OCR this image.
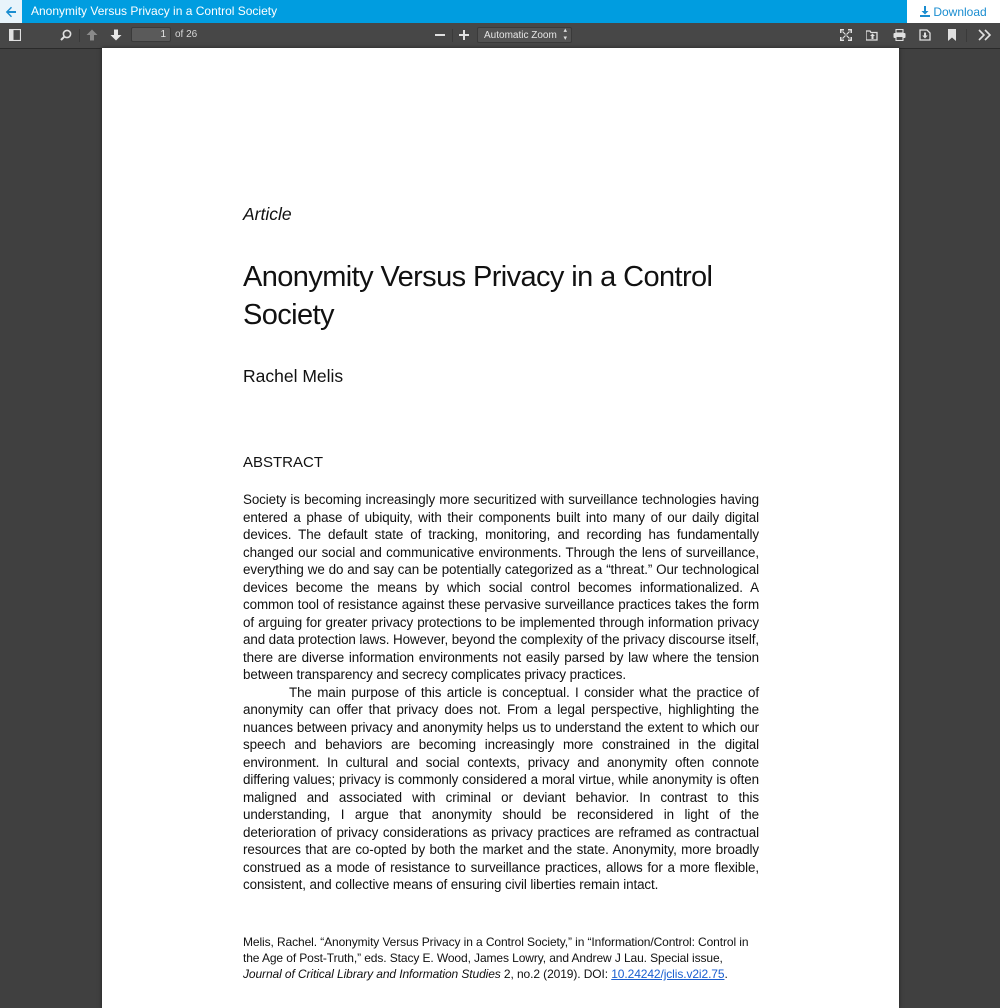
Anonymity Versus Privacy in a Control Society	Download
1
of 26	Automatic Zoom ▴
▾
Article
Anonymity Versus Privacy in a Control Society
Rachel Melis
ABSTRACT

Society is becoming increasingly more securitized with surveillance technologies having entered a phase of ubiquity, with their components built into many of our daily digital devices. The default state of tracking, monitoring, and recording has fundamentally changed our social and communicative environments. Through the lens of surveillance, everything we do and say can be potentially categorized as a “threat.” Our technological devices become the means by which social control becomes informationalized. A common tool of resistance against these pervasive surveillance practices takes the form of arguing for greater privacy protections to be implemented through information privacy and data protection laws. However, beyond the complexity of the privacy discourse itself, there are diverse information environments not easily parsed by law where the tension between transparency and secrecy complicates privacy practices.

The main purpose of this article is conceptual. I consider what the practice of anonymity can offer that privacy does not. From a legal perspective, highlighting the nuances between privacy and anonymity helps us to understand the extent to which our speech and behaviors are becoming increasingly more constrained in the digital environment. In cultural and social contexts, privacy and anonymity often connote differing values; privacy is commonly considered a moral virtue, while anonymity is often maligned and associated with criminal or deviant behavior. In contrast to this understanding, I argue that anonymity should be reconsidered in light of the deterioration of privacy considerations as privacy practices are reframed as contractual resources that are co-opted by both the market and the state. Anonymity, more broadly construed as a mode of resistance to surveillance practices, allows for a more flexible, consistent, and collective means of ensuring civil liberties remain intact.

Melis, Rachel. “Anonymity Versus Privacy in a Control Society,” in “Information/Control: Control in the Age of Post-Truth,” eds. Stacy E. Wood, James Lowry, and Andrew J Lau. Special issue, Journal of Critical Library and Information Studies 2, no.2 (2019). DOI: 10.24242/jclis.v2i2.75.
